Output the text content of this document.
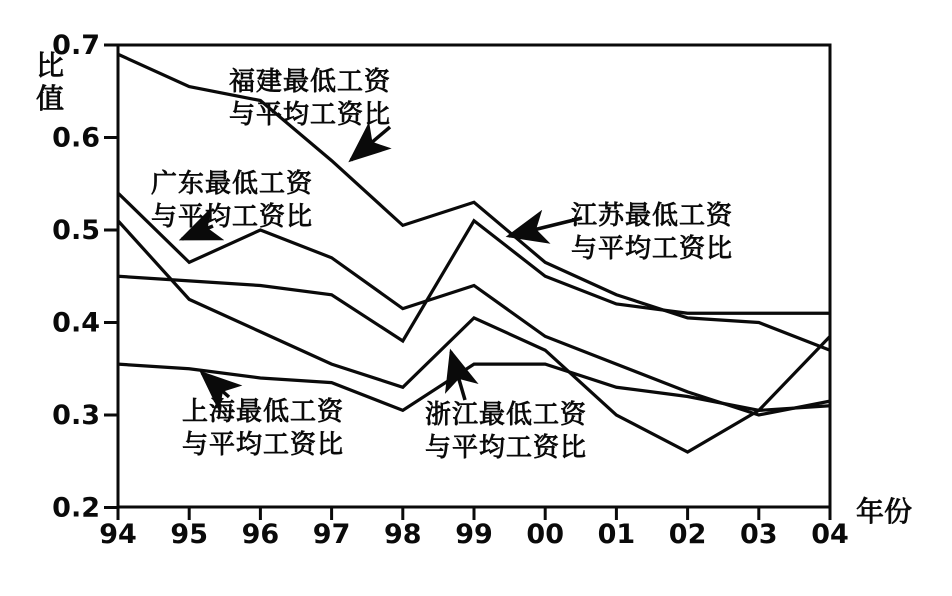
0.7
0.6
0.5
0.4
0.3
0.2
94 95 96 97 98 99 00 01 02 03 04
比值
年份
福建最低工资
与平均工资比
广东最低工资
与平均工资比
浙江最低工资
与平均工资比
江苏最低工资
与平均工资比
上海最低工资
与平均工资比
